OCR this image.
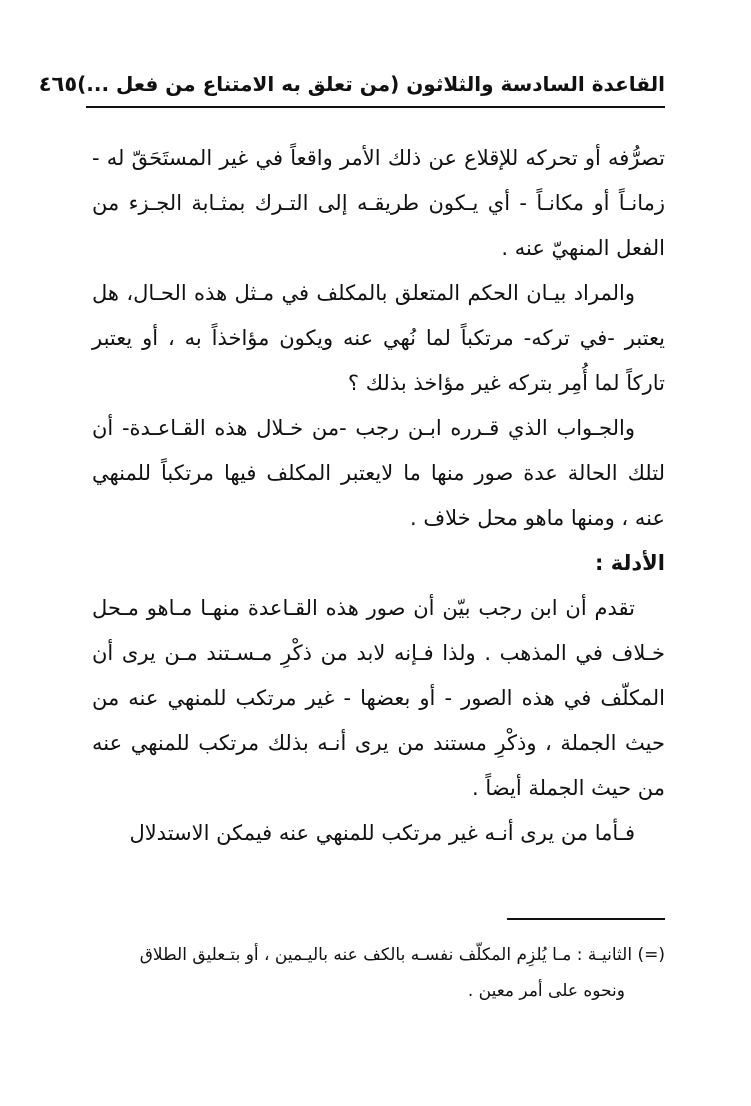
القاعدة السادسة والثلاثون (من تعلق به الامتناع من فعل ...)
٤٦٥

تصرُّفه أو تحركه للإقلاع عن ذلك الأمر واقعاً في غير المستَحَقّ له - زمانـاً أو مكانـاً - أي يـكون طريقـه إلى التـرك بمثـابة الجـزء من الفعل المنهيّ عنه .

والمراد بيـان الحكم المتعلق بالمكلف في مـثل هذه الحـال، هل يعتبر -في تركه- مرتكباً لما نُهي عنه ويكون مؤاخذاً به ، أو يعتبر تاركاً لما أُمِر بتركه غير مؤاخذ بذلك ؟

والجـواب الذي قـرره ابـن رجب -من خـلال هذه القـاعـدة- أن لتلك الحالة عدة صور منها ما لايعتبر المكلف فيها مرتكباً للمنهي عنه ، ومنها ماهو محل خلاف .

الأدلة :

تقدم أن ابن رجب بيّن أن صور هذه القـاعدة منهـا مـاهو مـحل خـلاف في المذهب . ولذا فـإنه لابد من ذكْرِ مـسـتند مـن يرى أن المكلّف في هذه الصور - أو بعضها - غير مرتكب للمنهي عنه من حيث الجملة ، وذكْرِ مستند من يرى أنـه بذلك مرتكب للمنهي عنه من حيث الجملة أيضاً .

فـأما من يرى أنـه غير مرتكب للمنهي عنه فيمكن الاستدلال

(=) الثانيـة : مـا يُلزِم المكلّف نفسـه بالكف عنه باليـمين ، أو بتـعليق الطلاق

ونحوه على أمر معين .
